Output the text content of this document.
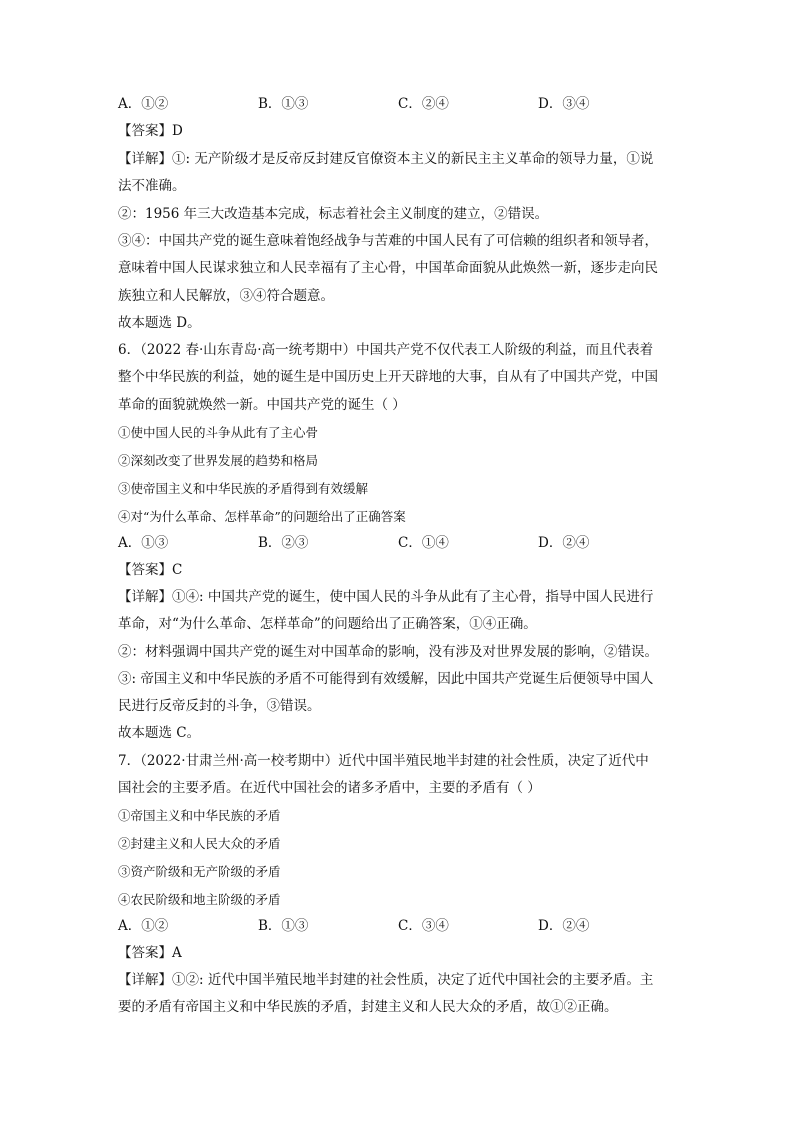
A．①②	B．①③	C．②④	D．③④
【答案】D
【详解】①: 无产阶级才是反帝反封建反官僚资本主义的新民主主义革命的领导力量，①说
法不准确。
②：1956 年三大改造基本完成，标志着社会主义制度的建立，②错误。
③④：中国共产党的诞生意味着饱经战争与苦难的中国人民有了可信赖的组织者和领导者，
意味着中国人民谋求独立和人民幸福有了主心骨，中国革命面貌从此焕然一新，逐步走向民
族独立和人民解放，③④符合题意。
故本题选 D。
6．（2022 春·山东青岛·高一统考期中）中国共产党不仅代表工人阶级的利益，而且代表着
整个中华民族的利益，她的诞生是中国历史上开天辟地的大事，自从有了中国共产党，中国
革命的面貌就焕然一新。中国共产党的诞生（ ）
①使中国人民的斗争从此有了主心骨
②深刻改变了世界发展的趋势和格局
③使帝国主义和中华民族的矛盾得到有效缓解
④对“为什么革命、怎样革命”的问题给出了正确答案
A．①③	B．②③	C．①④	D．②④
【答案】C
【详解】①④: 中国共产党的诞生，使中国人民的斗争从此有了主心骨，指导中国人民进行
革命，对“为什么革命、怎样革命”的问题给出了正确答案，①④正确。
②：材料强调中国共产党的诞生对中国革命的影响，没有涉及对世界发展的影响，②错误。
③: 帝国主义和中华民族的矛盾不可能得到有效缓解，因此中国共产党诞生后便领导中国人
民进行反帝反封的斗争，③错误。
故本题选 C。
7．（2022·甘肃兰州·高一校考期中）近代中国半殖民地半封建的社会性质，决定了近代中
国社会的主要矛盾。在近代中国社会的诸多矛盾中，主要的矛盾有（ ）
①帝国主义和中华民族的矛盾
②封建主义和人民大众的矛盾
③资产阶级和无产阶级的矛盾
④农民阶级和地主阶级的矛盾
A．①②	B．①③	C．③④	D．②④
【答案】A
【详解】①②: 近代中国半殖民地半封建的社会性质，决定了近代中国社会的主要矛盾。主
要的矛盾有帝国主义和中华民族的矛盾，封建主义和人民大众的矛盾，故①②正确。
